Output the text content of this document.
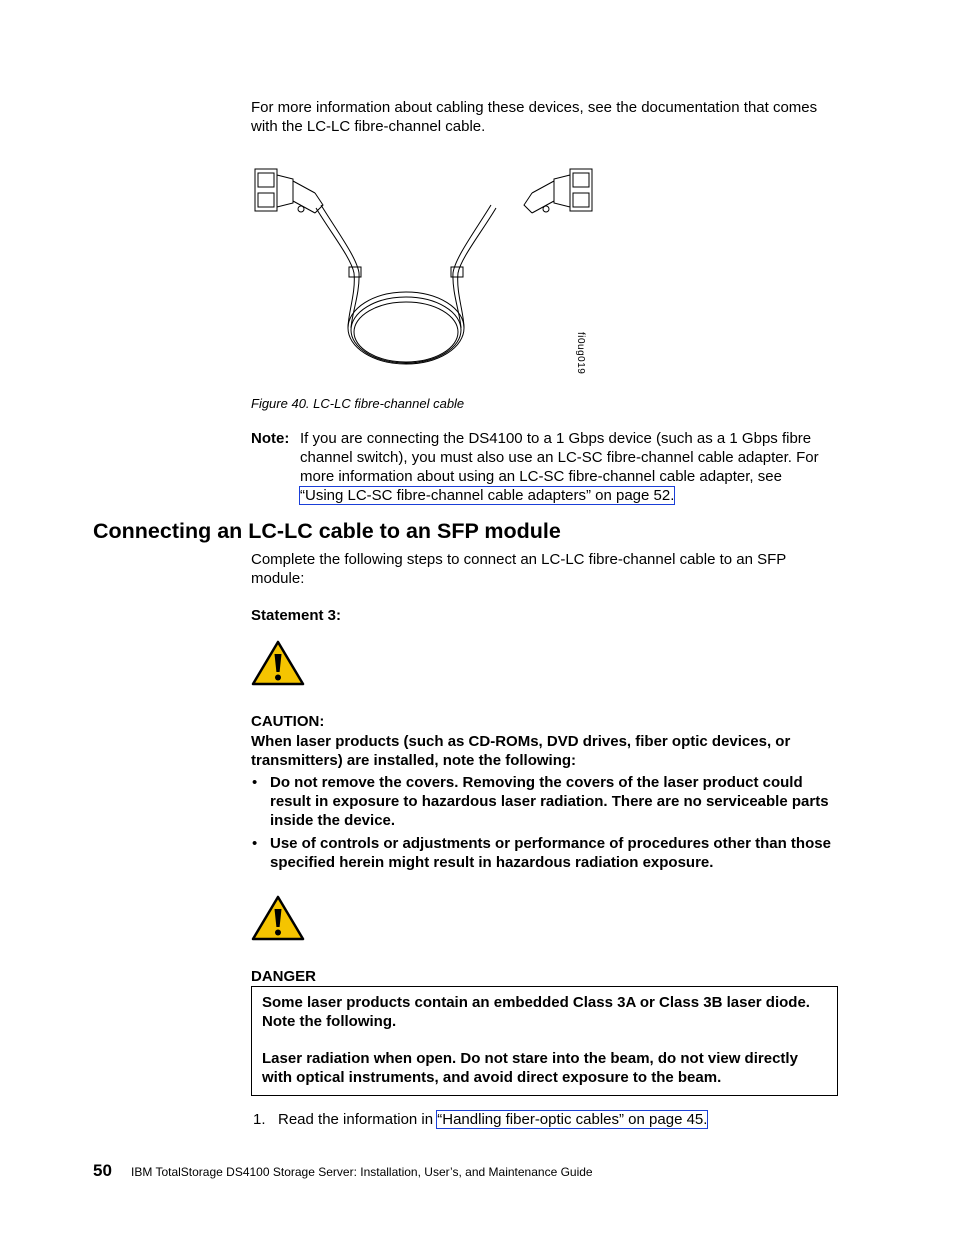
For more information about cabling these devices, see the documentation that comes with the LC-LC fibre-channel cable.
fi0ug019
Figure 40. LC-LC fibre-channel cable
Note: If you are connecting the DS4100 to a 1 Gbps device (such as a 1 Gbps fibre channel switch), you must also use an LC-SC fibre-channel cable adapter. For more information about using an LC-SC fibre-channel cable adapter, see “Using LC-SC fibre-channel cable adapters” on page 52.
Connecting an LC-LC cable to an SFP module
Complete the following steps to connect an LC-LC fibre-channel cable to an SFP module:
Statement 3:
CAUTION:
When laser products (such as CD-ROMs, DVD drives, fiber optic devices, or transmitters) are installed, note the following:
• Do not remove the covers. Removing the covers of the laser product could result in exposure to hazardous laser radiation. There are no serviceable parts inside the device.
• Use of controls or adjustments or performance of procedures other than those specified herein might result in hazardous radiation exposure.
DANGER
Some laser products contain an embedded Class 3A or Class 3B laser diode. Note the following.
Laser radiation when open. Do not stare into the beam, do not view directly with optical instruments, and avoid direct exposure to the beam.
1. Read the information in “Handling fiber-optic cables” on page 45.
50 IBM TotalStorage DS4100 Storage Server: Installation, User’s, and Maintenance Guide
